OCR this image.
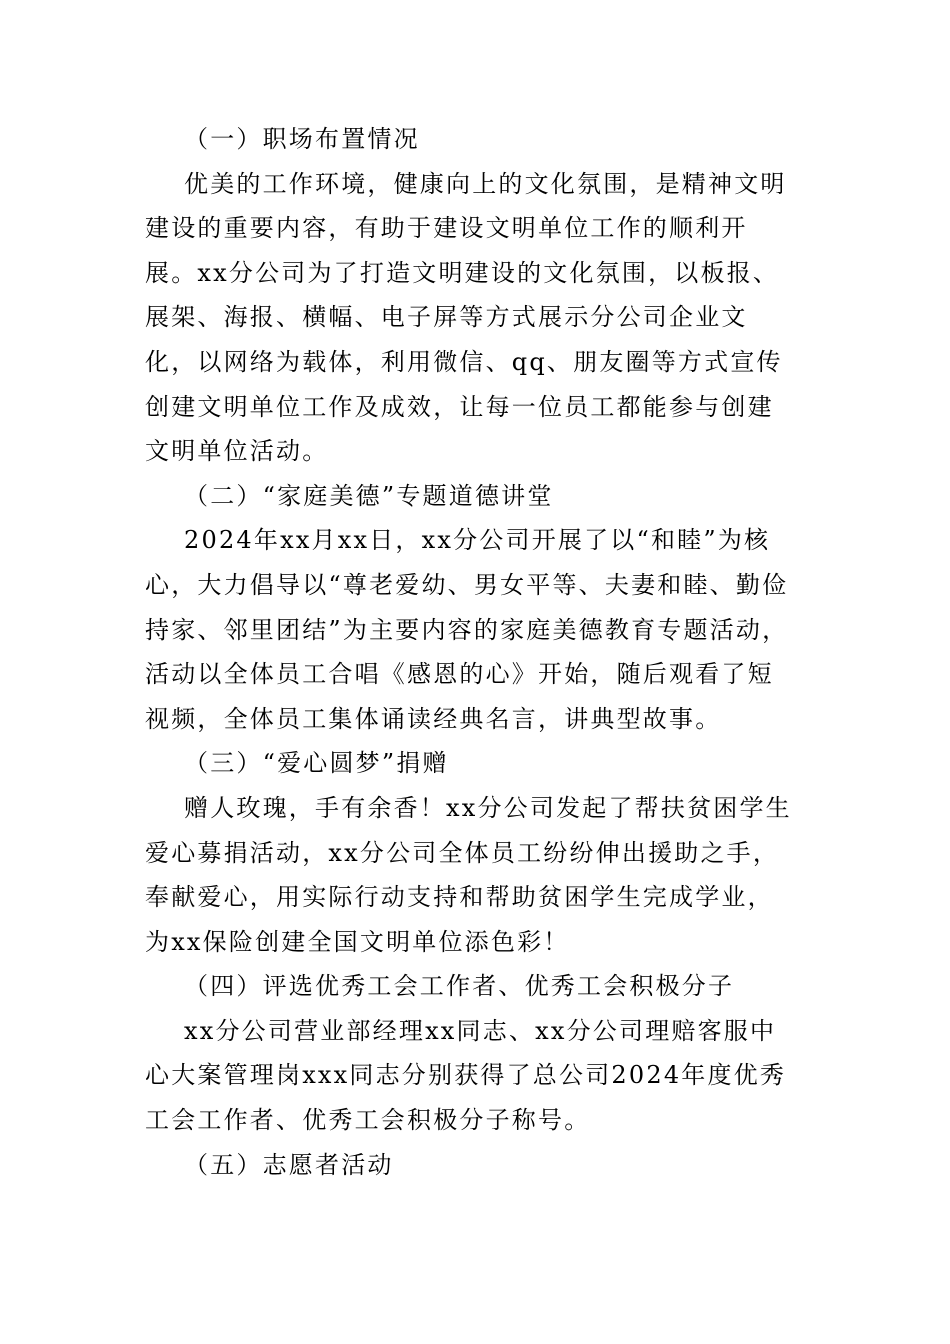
（一）职场布置情况

优美的工作环境，健康向上的文化氛围，是精神文明建设的重要内容，有助于建设文明单位工作的顺利开展。xx分公司为了打造文明建设的文化氛围，以板报、展架、海报、横幅、电子屏等方式展示分公司企业文化，以网络为载体，利用微信、qq、朋友圈等方式宣传创建文明单位工作及成效，让每一位员工都能参与创建文明单位活动。

（二）“家庭美德”专题道德讲堂

2024年xx月xx日，xx分公司开展了以“和睦”为核心，大力倡导以“尊老爱幼、男女平等、夫妻和睦、勤俭持家、邻里团结”为主要内容的家庭美德教育专题活动，活动以全体员工合唱《感恩的心》开始，随后观看了短视频，全体员工集体诵读经典名言，讲典型故事。

（三）“爱心圆梦”捐赠

赠人玫瑰，手有余香！xx分公司发起了帮扶贫困学生爱心募捐活动，xx分公司全体员工纷纷伸出援助之手，奉献爱心，用实际行动支持和帮助贫困学生完成学业，为xx保险创建全国文明单位添色彩！

（四）评选优秀工会工作者、优秀工会积极分子

xx分公司营业部经理xx同志、xx分公司理赔客服中心大案管理岗xxx同志分别获得了总公司2024年度优秀工会工作者、优秀工会积极分子称号。

（五）志愿者活动
